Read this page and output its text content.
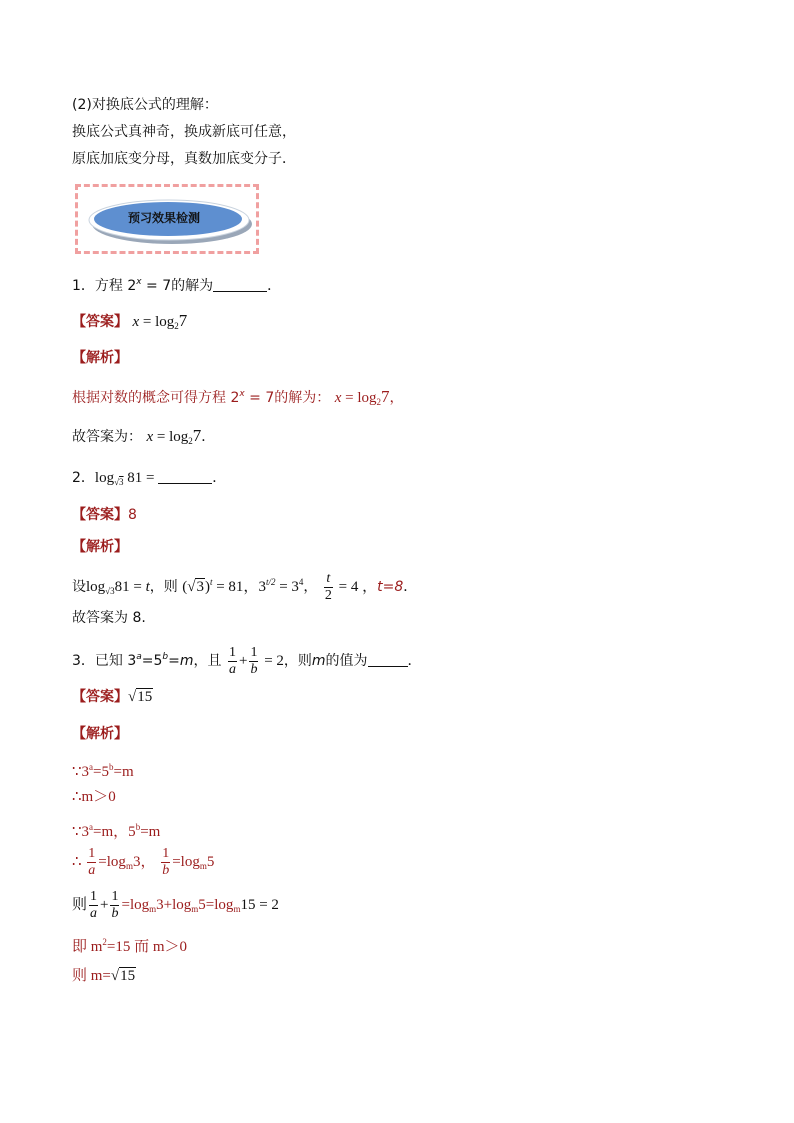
(2)对换底公式的理解：
换底公式真神奇，换成新底可任意，
原底加底变分母，真数加底变分子．
预习效果检测
1．方程 $2^x = 7$的解为	．
【答案】 $x = \log_27$
【解析】
根据对数的概念可得方程 $2^x = 7$的解为： $x = \log_27$，
故答案为： $x = \log_27$．
2．$\log_{√3} 81$ =	．
【答案】8
【解析】
设$\log_{√3}81 = t$，则 $(√3)^t = 81$，$3^{t/2} = 3^4$， $\frac{t}{2} = 4$ ，t=8．
故答案为 8.
3．已知 $3^a=5^b=m$，且 $\frac{1}{a} + \frac{1}{b} = 2$，则m的值为	．
【答案】√15
【解析】
$\because 3^a=5^b=m$
∴m＞0
$\because 3^a=m$，$5^b=m$
∴ $\frac{1}{a} =\log_m3$， $\frac{1}{b} =\log_m5$
则 $\frac{1}{a} + \frac{1}{b} =\log_m3+\log_m5=\log_m15 = 2$
即 $m^2=15$ 而 m＞0
则 m=√15
